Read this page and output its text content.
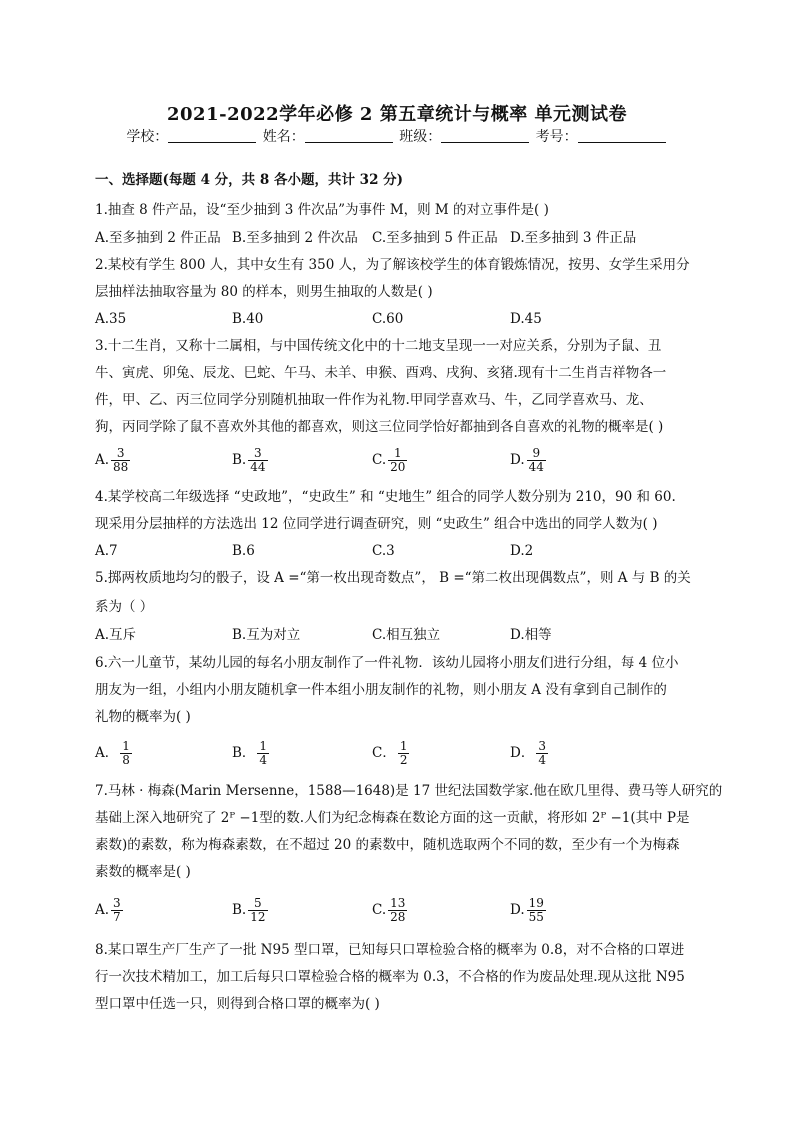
2021-2022学年必修 2 第五章统计与概率 单元测试卷
学校：	姓名：	班级：	考号：
一、选择题(每题 4 分，共 8 各小题，共计 32 分)
1.抽查 8 件产品，设“至少抽到 3 件次品”为事件 M，则 M 的对立事件是( )
A.至多抽到 2 件正品 B.至多抽到 2 件次品 C.至多抽到 5 件正品 D.至多抽到 3 件正品
2.某校有学生 800 人，其中女生有 350 人，为了解该校学生的体育锻炼情况，按男、女学生采用分
层抽样法抽取容量为 80 的样本，则男生抽取的人数是( )
A.35	B.40	C.60	D.45
3.十二生肖，又称十二属相，与中国传统文化中的十二地支呈现一一对应关系，分别为子鼠、丑
牛、寅虎、卯兔、辰龙、巳蛇、午马、未羊、申猴、酉鸡、戌狗、亥猪.现有十二生肖吉祥物各一
件，甲、乙、丙三位同学分别随机抽取一件作为礼物.甲同学喜欢马、牛，乙同学喜欢马、龙、
狗，丙同学除了鼠不喜欢外其他的都喜欢，则这三位同学恰好都抽到各自喜欢的礼物的概率是( )
A. $\frac{3}{88}$	B. $\frac{3}{44}$	C. $\frac{1}{20}$	D. $\frac{9}{44}$
4.某学校高二年级选择 “史政地”，“史政生” 和 “史地生” 组合的同学人数分别为 210，90 和 60.
现采用分层抽样的方法选出 12 位同学进行调查研究，则 “史政生” 组合中选出的同学人数为( )
A.7	B.6	C.3	D.2
5.掷两枚质地均匀的骰子，设 A =“第一枚出现奇数点”， B =“第二枚出现偶数点”，则 A 与 B 的关
系为（ ）
A.互斥	B.互为对立	C.相互独立	D.相等
6.六一儿童节，某幼儿园的每名小朋友制作了一件礼物．该幼儿园将小朋友们进行分组，每 4 位小
朋友为一组，小组内小朋友随机拿一件本组小朋友制作的礼物，则小朋友 A 没有拿到自己制作的
礼物的概率为( )
A． $\frac{1}{8}$	B． $\frac{1}{4}$	C． $\frac{1}{2}$	D． $\frac{3}{4}$
7.马林 · 梅森(Marin Mersenne，1588—1648)是 17 世纪法国数学家.他在欧几里得、费马等人研究的
基础上深入地研究了 2ᴾ −1型的数.人们为纪念梅森在数论方面的这一贡献，将形如 2ᴾ −1(其中 P是
素数)的素数，称为梅森素数，在不超过 20 的素数中，随机选取两个不同的数，至少有一个为梅森
素数的概率是( )
A. $\frac{3}{7}$	B. $\frac{5}{12}$	C. $\frac{13}{28}$	D. $\frac{19}{55}$
8.某口罩生产厂生产了一批 N95 型口罩，已知每只口罩检验合格的概率为 0.8，对不合格的口罩进
行一次技术精加工，加工后每只口罩检验合格的概率为 0.3，不合格的作为废品处理.现从这批 N95
型口罩中任选一只，则得到合格口罩的概率为( )
